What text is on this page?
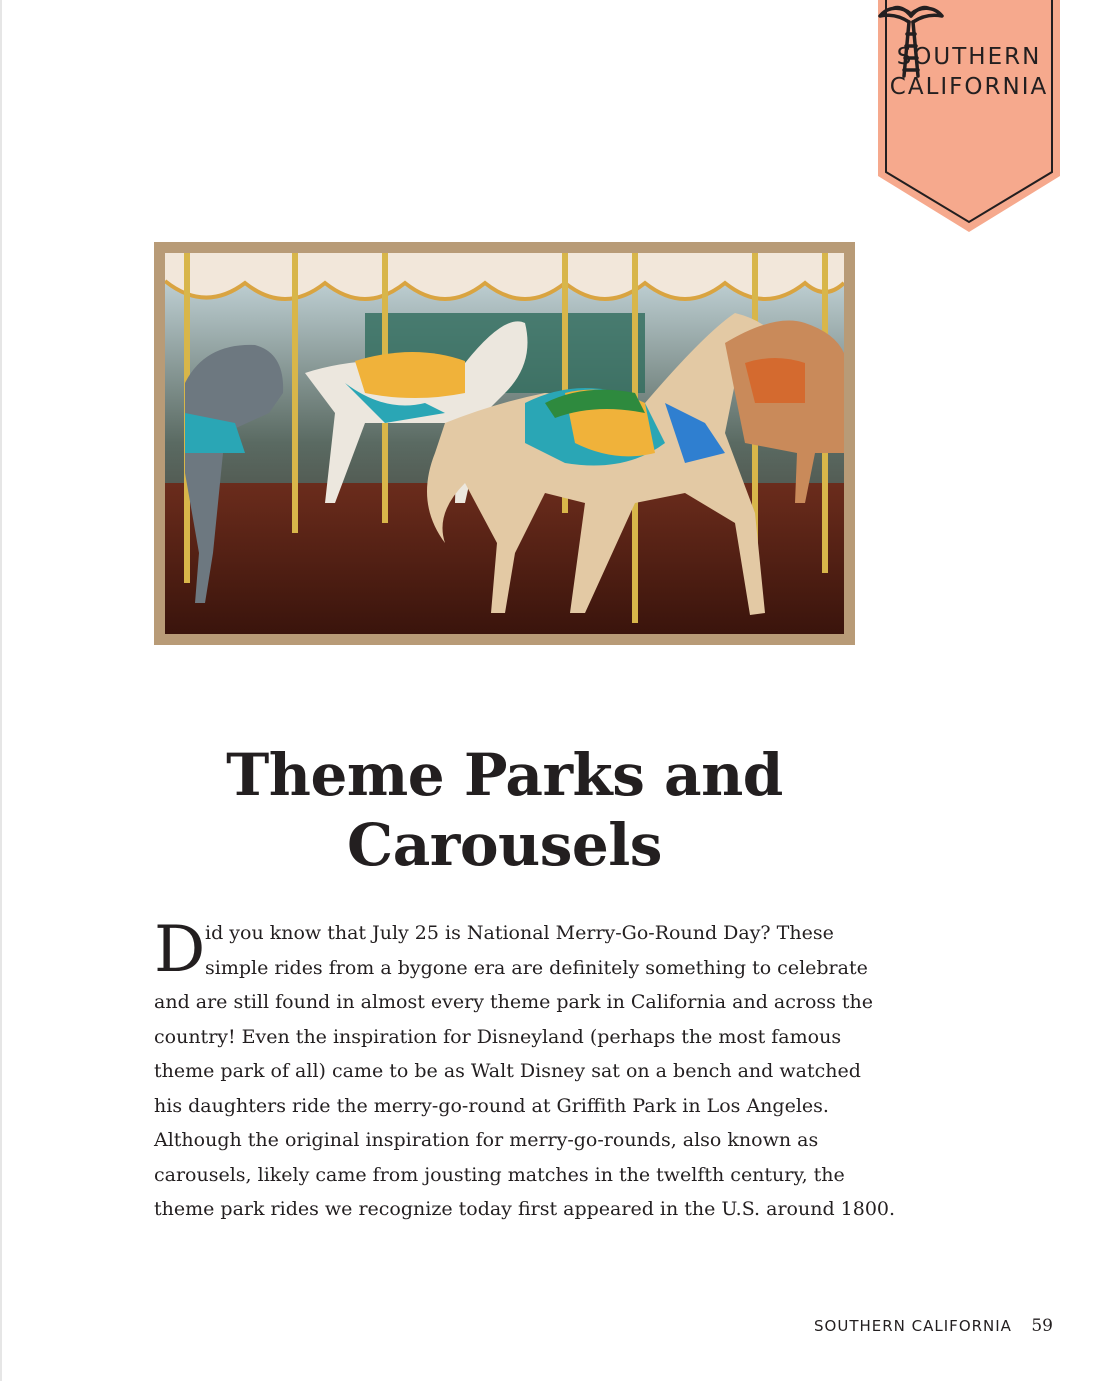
SOUTHERN
CALIFORNIA

Theme Parks and
Carousels
D id you know that July 25 is National Merry-Go-Round Day? These
simple rides from a bygone era are definitely something to celebrate
and are still found in almost every theme park in California and across the
country! Even the inspiration for Disneyland (perhaps the most famous
theme park of all) came to be as Walt Disney sat on a bench and watched
his daughters ride the merry-go-round at Griffith Park in Los Angeles.
Although the original inspiration for merry-go-rounds, also known as
carousels, likely came from jousting matches in the twelfth century, the
theme park rides we recognize today first appeared in the U.S. around 1800.

SOUTHERN CALIFORNIA 59
